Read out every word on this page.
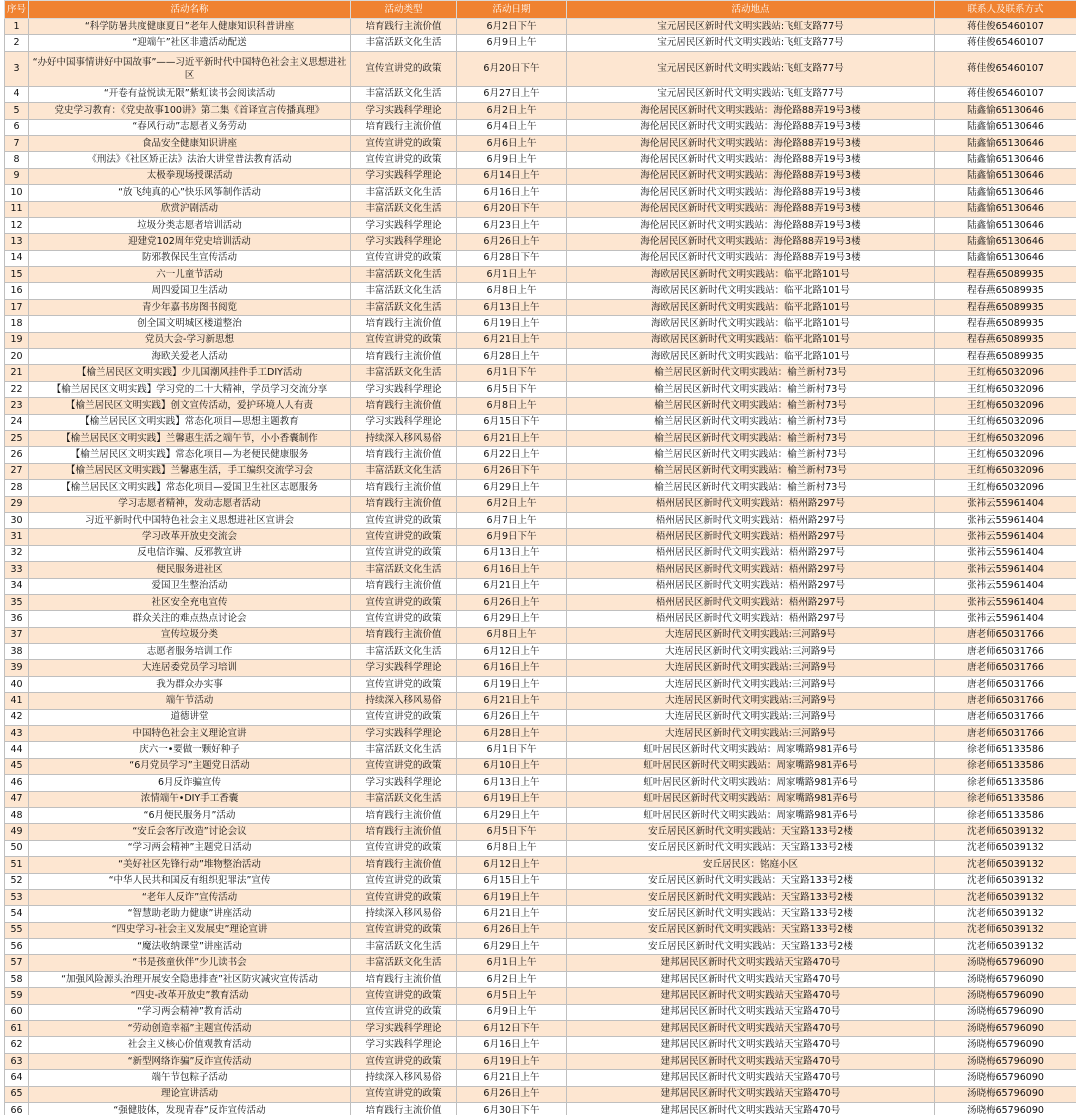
序号	活动名称	活动类型	活动日期	活动地点	联系人及联系方式
1	“科学防暑共度健康夏日”老年人健康知识科普讲座	培育践行主流价值	6月2日下午	宝元居民区新时代文明实践站:飞虹支路77号	蒋佳俊65460107
2	“迎端午”社区非遗活动配送	丰富活跃文化生活	6月9日上午	宝元居民区新时代文明实践站:飞虹支路77号	蒋佳俊65460107
3	“办好中国事情讲好中国故事”——习近平新时代中国特色社会主义思想进社区	宣传宣讲党的政策	6月20日下午	宝元居民区新时代文明实践站:飞虹支路77号	蒋佳俊65460107
4	“开卷有益悦读无限”紫虹读书会阅读活动	丰富活跃文化生活	6月27日上午	宝元居民区新时代文明实践站:飞虹支路77号	蒋佳俊65460107
5	党史学习教育：《党史故事100讲》第二集《首译宣言传播真理》	学习实践科学理论	6月2日上午	海伦居民区新时代文明实践站：海伦路88弄19号3楼	陆鑫愉65130646
6	“春风行动”志愿者义务劳动	培育践行主流价值	6月4日上午	海伦居民区新时代文明实践站：海伦路88弄19号3楼	陆鑫愉65130646
7	食品安全健康知识讲座	宣传宣讲党的政策	6月6日上午	海伦居民区新时代文明实践站：海伦路88弄19号3楼	陆鑫愉65130646
8	《刑法》《社区矫正法》法治大讲堂普法教育活动	宣传宣讲党的政策	6月9日上午	海伦居民区新时代文明实践站：海伦路88弄19号3楼	陆鑫愉65130646
9	太极拳现场授课活动	学习实践科学理论	6月14日上午	海伦居民区新时代文明实践站：海伦路88弄19号3楼	陆鑫愉65130646
10	“放飞纯真的心”快乐风筝制作活动	丰富活跃文化生活	6月16日上午	海伦居民区新时代文明实践站：海伦路88弄19号3楼	陆鑫愉65130646
11	欣赏沪剧活动	丰富活跃文化生活	6月20日下午	海伦居民区新时代文明实践站：海伦路88弄19号3楼	陆鑫愉65130646
12	垃圾分类志愿者培训活动	学习实践科学理论	6月23日上午	海伦居民区新时代文明实践站：海伦路88弄19号3楼	陆鑫愉65130646
13	迎建党102周年党史培训活动	学习实践科学理论	6月26日上午	海伦居民区新时代文明实践站：海伦路88弄19号3楼	陆鑫愉65130646
14	防邪教保民生宣传活动	宣传宣讲党的政策	6月28日下午	海伦居民区新时代文明实践站：海伦路88弄19号3楼	陆鑫愉65130646
15	六一儿童节活动	丰富活跃文化生活	6月1日上午	海欧居民区新时代文明实践站：临平北路101号	程春燕65089935
16	周四爱国卫生活动	丰富活跃文化生活	6月8日上午	海欧居民区新时代文明实践站：临平北路101号	程春燕65089935
17	青少年嘉书房图书阅览	丰富活跃文化生活	6月13日上午	海欧居民区新时代文明实践站：临平北路101号	程春燕65089935
18	创全国文明城区楼道整治	培育践行主流价值	6月19日上午	海欧居民区新时代文明实践站：临平北路101号	程春燕65089935
19	党员大会-学习新思想	宣传宣讲党的政策	6月21日上午	海欧居民区新时代文明实践站：临平北路101号	程春燕65089935
20	海欧关爱老人活动	培育践行主流价值	6月28日上午	海欧居民区新时代文明实践站：临平北路101号	程春燕65089935
21	【榆兰居民区文明实践】少儿国潮风挂件手工DIY活动	丰富活跃文化生活	6月1日下午	榆兰居民区新时代文明实践站：榆兰新村73号	王红梅65032096
22	【榆兰居民区文明实践】学习党的二十大精神，学员学习交流分享	学习实践科学理论	6月5日下午	榆兰居民区新时代文明实践站：榆兰新村73号	王红梅65032096
23	【榆兰居民区文明实践】创文宣传活动，爱护环境人人有责	培育践行主流价值	6月8日上午	榆兰居民区新时代文明实践站：榆兰新村73号	王红梅65032096
24	【榆兰居民区文明实践】常态化项目—思想主题教育	学习实践科学理论	6月15日下午	榆兰居民区新时代文明实践站：榆兰新村73号	王红梅65032096
25	【榆兰居民区文明实践】兰馨惠生活之端午节，小小香囊制作	持续深入移风易俗	6月21日上午	榆兰居民区新时代文明实践站：榆兰新村73号	王红梅65032096
26	【榆兰居民区文明实践】常态化项目—为老便民健康服务	培育践行主流价值	6月22日上午	榆兰居民区新时代文明实践站：榆兰新村73号	王红梅65032096
27	【榆兰居民区文明实践】兰馨惠生活，手工编织交流学习会	丰富活跃文化生活	6月26日下午	榆兰居民区新时代文明实践站：榆兰新村73号	王红梅65032096
28	【榆兰居民区文明实践】常态化项目—爱国卫生社区志愿服务	培育践行主流价值	6月29日上午	榆兰居民区新时代文明实践站：榆兰新村73号	王红梅65032096
29	学习志愿者精神，发动志愿者活动	培育践行主流价值	6月2日上午	梧州居民区新时代文明实践站：梧州路297号	张祎云55961404
30	习近平新时代中国特色社会主义思想进社区宣讲会	宣传宣讲党的政策	6月7日上午	梧州居民区新时代文明实践站：梧州路297号	张祎云55961404
31	学习改革开放史交流会	宣传宣讲党的政策	6月9日下午	梧州居民区新时代文明实践站：梧州路297号	张祎云55961404
32	反电信诈骗、反邪教宣讲	宣传宣讲党的政策	6月13日上午	梧州居民区新时代文明实践站：梧州路297号	张祎云55961404
33	便民服务进社区	丰富活跃文化生活	6月16日上午	梧州居民区新时代文明实践站：梧州路297号	张祎云55961404
34	爱国卫生整治活动	培育践行主流价值	6月21日上午	梧州居民区新时代文明实践站：梧州路297号	张祎云55961404
35	社区安全充电宣传	宣传宣讲党的政策	6月26日上午	梧州居民区新时代文明实践站：梧州路297号	张祎云55961404
36	群众关注的难点热点讨论会	宣传宣讲党的政策	6月29日上午	梧州居民区新时代文明实践站：梧州路297号	张祎云55961404
37	宣传垃圾分类	培育践行主流价值	6月8日上午	大连居民区新时代文明实践站:三河路9号	唐老师65031766
38	志愿者服务培训工作	丰富活跃文化生活	6月12日上午	大连居民区新时代文明实践站:三河路9号	唐老师65031766
39	大连居委党员学习培训	学习实践科学理论	6月16日上午	大连居民区新时代文明实践站:三河路9号	唐老师65031766
40	我为群众办实事	宣传宣讲党的政策	6月19日上午	大连居民区新时代文明实践站:三河路9号	唐老师65031766
41	端午节活动	持续深入移风易俗	6月21日上午	大连居民区新时代文明实践站:三河路9号	唐老师65031766
42	道德讲堂	宣传宣讲党的政策	6月26日上午	大连居民区新时代文明实践站:三河路9号	唐老师65031766
43	中国特色社会主义理论宣讲	学习实践科学理论	6月28日上午	大连居民区新时代文明实践站:三河路9号	唐老师65031766
44	庆六一•要做一颗好种子	丰富活跃文化生活	6月1日下午	虹叶居民区新时代文明实践站：周家嘴路981弄6号	徐老师65133586
45	“6月党员学习”主题党日活动	宣传宣讲党的政策	6月10日上午	虹叶居民区新时代文明实践站：周家嘴路981弄6号	徐老师65133586
46	6月反诈骗宣传	学习实践科学理论	6月13日上午	虹叶居民区新时代文明实践站：周家嘴路981弄6号	徐老师65133586
47	浓情端午•DIY手工香囊	丰富活跃文化生活	6月19日上午	虹叶居民区新时代文明实践站：周家嘴路981弄6号	徐老师65133586
48	“6月便民服务月”活动	培育践行主流价值	6月29日上午	虹叶居民区新时代文明实践站：周家嘴路981弄6号	徐老师65133586
49	“安丘会客厅改造”讨论会议	培育践行主流价值	6月5日下午	安丘居民区新时代文明实践站：天宝路133号2楼	沈老师65039132
50	“学习两会精神”主题党日活动	宣传宣讲党的政策	6月8日上午	安丘居民区新时代文明实践站：天宝路133号2楼	沈老师65039132
51	“美好社区先锋行动”堆物整治活动	培育践行主流价值	6月12日上午	安丘居民区：铭庭小区	沈老师65039132
52	“中华人民共和国反有组织犯罪法”宣传	宣传宣讲党的政策	6月15日上午	安丘居民区新时代文明实践站：天宝路133号2楼	沈老师65039132
53	“老年人反诈”宣传活动	宣传宣讲党的政策	6月19日上午	安丘居民区新时代文明实践站：天宝路133号2楼	沈老师65039132
54	“智慧助老助力健康”讲座活动	持续深入移风易俗	6月21日上午	安丘居民区新时代文明实践站：天宝路133号2楼	沈老师65039132
55	“四史学习-社会主义发展史”理论宣讲	宣传宣讲党的政策	6月26日上午	安丘居民区新时代文明实践站：天宝路133号2楼	沈老师65039132
56	“魔法收纳课堂”讲座活动	丰富活跃文化生活	6月29日上午	安丘居民区新时代文明实践站：天宝路133号2楼	沈老师65039132
57	“书是孩童伙伴”少儿读书会	丰富活跃文化生活	6月1日上午	建邦居民区新时代文明实践站天宝路470号	汤晓梅65796090
58	“加强风险源头治理开展安全隐患排查”社区防灾减灾宣传活动	培育践行主流价值	6月2日上午	建邦居民区新时代文明实践站天宝路470号	汤晓梅65796090
59	“四史-改革开放史”教育活动	宣传宣讲党的政策	6月5日上午	建邦居民区新时代文明实践站天宝路470号	汤晓梅65796090
60	“学习两会精神”教育活动	宣传宣讲党的政策	6月9日上午	建邦居民区新时代文明实践站天宝路470号	汤晓梅65796090
61	“劳动创造幸福”主题宣传活动	学习实践科学理论	6月12日下午	建邦居民区新时代文明实践站天宝路470号	汤晓梅65796090
62	社会主义核心价值观教育活动	学习实践科学理论	6月16日上午	建邦居民区新时代文明实践站天宝路470号	汤晓梅65796090
63	“新型网络诈骗”反诈宣传活动	宣传宣讲党的政策	6月19日上午	建邦居民区新时代文明实践站天宝路470号	汤晓梅65796090
64	端午节包粽子活动	持续深入移风易俗	6月21日上午	建邦居民区新时代文明实践站天宝路470号	汤晓梅65796090
65	理论宣讲活动	宣传宣讲党的政策	6月26日上午	建邦居民区新时代文明实践站天宝路470号	汤晓梅65796090
66	“强健肢体，发现青春”反诈宣传活动	培育践行主流价值	6月30日下午	建邦居民区新时代文明实践站天宝路470号	汤晓梅65796090
